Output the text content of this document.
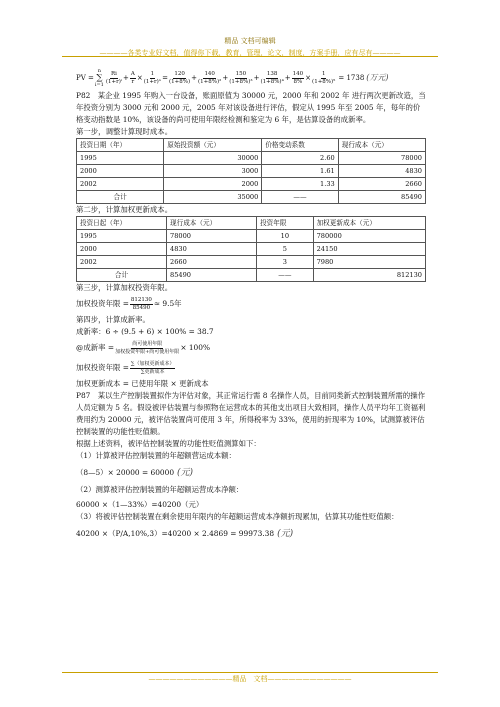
精品 文档可编辑
————各类专业好文档，值得你下载，教育，管理，论文，制度，方案手册，应有尽有————
PV =
n
∑
$i=1 \frac{Ri}{\text{(1+r)ⁱ}} + \frac{A}{r} \times \frac{1}{\text{(1+r)ⁿ}} = \frac{120}{(1+8\%)} + \frac{140}{\text{(1+8\%)²}} + \frac{150}{\text{(1+8\%)³}} + \frac{138}{\text{(1+8\%)⁴}} + \frac{140}{8\%} \times \frac{1}{\text{(1+8\%)⁵}} = 1738$ (万元)

P82　某企业 1995 年购入一台设备，账面原值为 30000 元，2000 年和 2002 年 进行两次更新改造，当年投资分别为 3000 元和 2000 元，2005 年对该设备进行评估，假定从 1995 年至 2005 年，每年的价格变动指数是 10%，该设备的尚可使用年限经检测和鉴定为 6 年，是估算设备的成新率。

第一步，调整计算现时成本。

投资日期（年）	原始投资额（元）	价格变动系数	现行成本（元）
1995	30000	2.60	78000
2000	3000	1.61	4830
2002	2000	1.33	2660
合计	35000	——	85490

第二步，计算加权更新成本。

投资日起（年）	现行成本（元）	投资年限	加权更新成本（元）
1995	78000	10	780000
2000	4830	5	24150
2002	2660	3	7980
合计	85490	——	812130

第三步，计算加权投资年限。

加权投资年限 = $\frac{812130}{85490} \approx 9.5$年

第四步，计算成新率。

成新率：6 ÷ (9.5 + 6) × 100% = 38.7

@成新率 = $\frac{\text{尚可使用年限}}{\text{加权投资年限+尚可使用年限}} \times 100\%$
加权投资年限 = $\frac{\text{∑（加权更新成本）}}{\text{∑更新成本}}$

加权更新成本 = 已使用年限 × 更新成本

P87　某以生产控制装置拟作为评估对象，其正常运行需 8 名操作人员，目前同类新式控制装置所需的操作人员定额为 5 名。假设被评估装置与参照物在运营成本的其他支出项目大致相同，操作人员平均年工资福利费用约为 20000 元，被评估装置尚可使用 3 年，所得税率为 33%，使用的折现率为 10%，试测算被评估控制装置的功能性贬值额。

根据上述资料，被评估控制装置的功能性贬值测算如下：

（1）计算被评估控制装置的年超额营运成本额：

（8—5）× 20000 = 60000 (元)

（2）测算被评估控制装置的年超额运营成本净额：

60000 ×（1—33%）=40200（元）

（3）将被评估控制装置在剩余使用年限内的年超额运营成本净额折现累加，估算其功能性贬值额：

40200 ×（P/A,10%,3）=40200 × 2.4869 = 99973.38 (元)

————————————精品　文档————————————
